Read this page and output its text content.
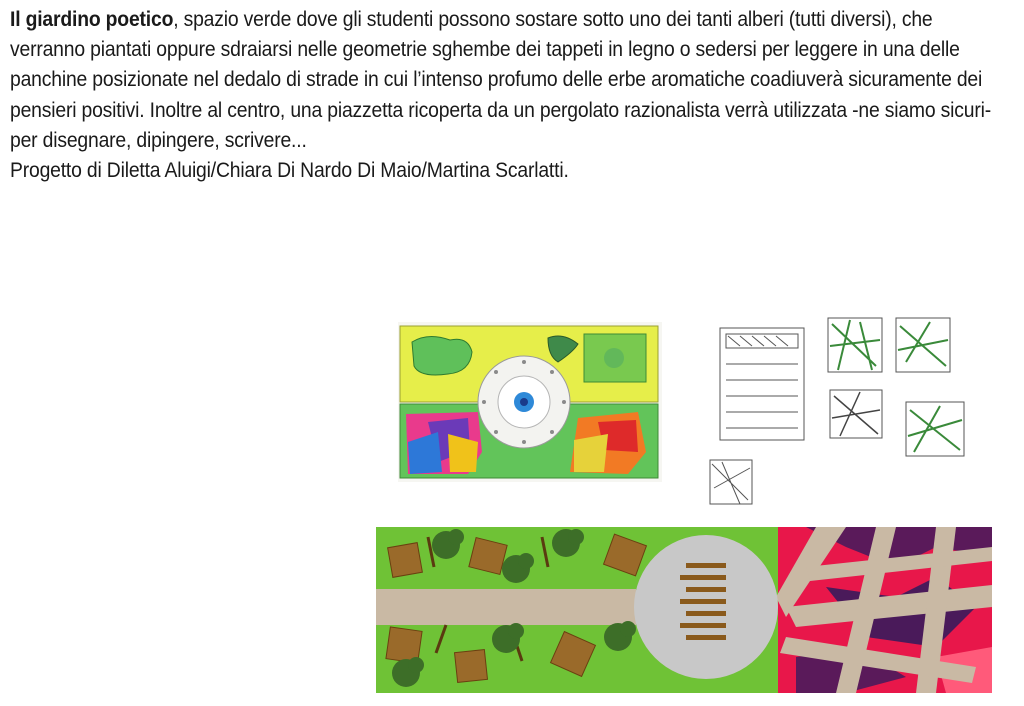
Il giardino poetico, spazio verde dove gli studenti possono sostare sotto uno dei tanti alberi (tutti diversi), che verranno piantati oppure sdraiarsi nelle geometrie sghembe dei tappeti in legno o sedersi per leggere in una delle panchine posizionate nel dedalo di strade in cui l’intenso profumo delle erbe aromatiche coadiuverà sicuramente dei pensieri positivi. Inoltre al centro, una piazzetta ricoperta da un pergolato razionalista verrà utilizzata -ne siamo sicuri- per disegnare, dipingere, scrivere...

Progetto di Diletta Aluigi/Chiara Di Nardo Di Maio/Martina Scarlatti.
